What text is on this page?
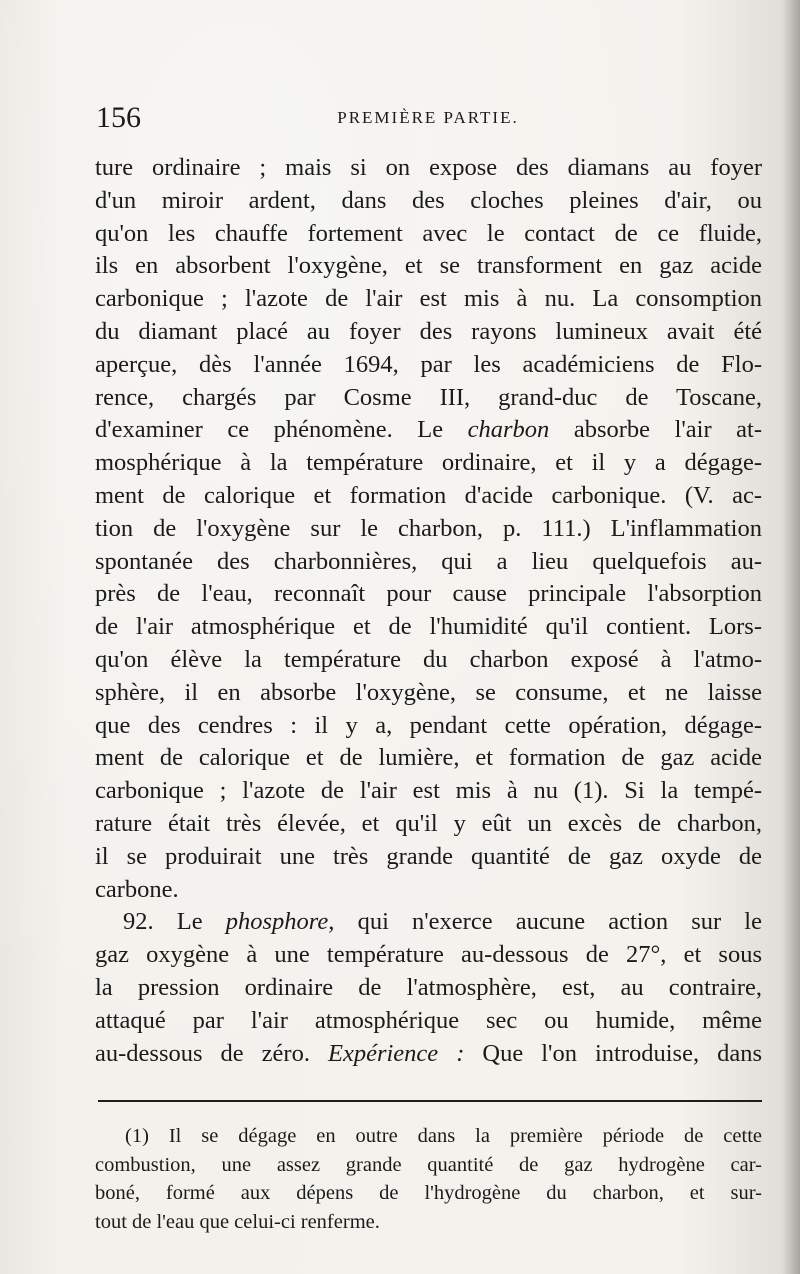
156	PREMIÈRE PARTIE.
ture ordinaire ; mais si on expose des diamans au foyer
d'un miroir ardent, dans des cloches pleines d'air, ou
qu'on les chauffe fortement avec le contact de ce fluide,
ils en absorbent l'oxygène, et se transforment en gaz acide
carbonique ; l'azote de l'air est mis à nu. La consomption
du diamant placé au foyer des rayons lumineux avait été
aperçue, dès l'année 1694, par les académiciens de Flo-
rence, chargés par Cosme III, grand-duc de Toscane,
d'examiner ce phénomène. Le charbon absorbe l'air at-
mosphérique à la température ordinaire, et il y a dégage-
ment de calorique et formation d'acide carbonique. (V. ac-
tion de l'oxygène sur le charbon, p. 111.) L'inflammation
spontanée des charbonnières, qui a lieu quelquefois au-
près de l'eau, reconnaît pour cause principale l'absorption
de l'air atmosphérique et de l'humidité qu'il contient. Lors-
qu'on élève la température du charbon exposé à l'atmo-
sphère, il en absorbe l'oxygène, se consume, et ne laisse
que des cendres : il y a, pendant cette opération, dégage-
ment de calorique et de lumière, et formation de gaz acide
carbonique ; l'azote de l'air est mis à nu (1). Si la tempé-
rature était très élevée, et qu'il y eût un excès de charbon,
il se produirait une très grande quantité de gaz oxyde de
carbone.
92. Le phosphore, qui n'exerce aucune action sur le
gaz oxygène à une température au-dessous de 27°, et sous
la pression ordinaire de l'atmosphère, est, au contraire,
attaqué par l'air atmosphérique sec ou humide, même
au-dessous de zéro. Expérience : Que l'on introduise, dans
(1) Il se dégage en outre dans la première période de cette
combustion, une assez grande quantité de gaz hydrogène car-
boné, formé aux dépens de l'hydrogène du charbon, et sur-
tout de l'eau que celui-ci renferme.
